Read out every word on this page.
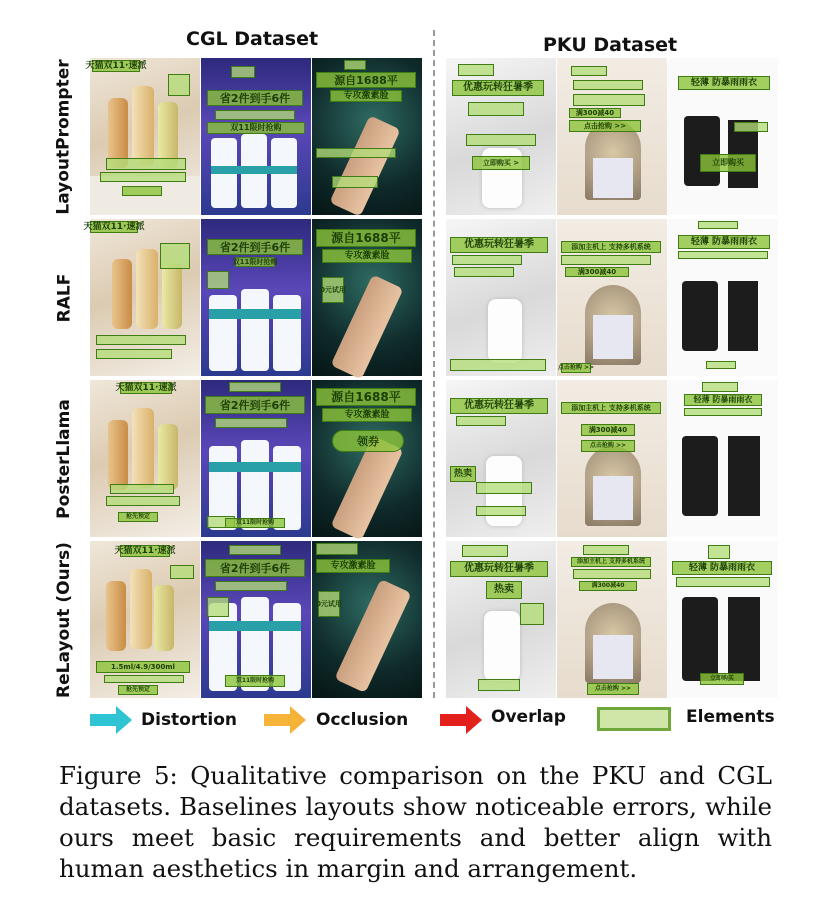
CGL Dataset	PKU Dataset
LayoutPrompter
RALF
PosterLlama
ReLayout (Ours)
天猫双11·速派
省2件到手6件
双11限时抢购
源自1688平
专攻激素脸
优惠玩转狂暑季
立即购买 >
满300减40
点击抢购 >>
轻薄 防暴雨雨衣
立即购买
天猫双11·速派
省2件到手6件
双11限时抢购
源自1688平
专攻激素脸
0元试用
优惠玩转狂暑季	添加主机上 支持多机系统
满300减40
点击抢购 >>
轻薄 防暴雨雨衣
天猫双11·速派
抢先预定
省2件到手6件
双11限时抢购
源自1688平
专攻激素脸
领券
优惠玩转狂暑季
热卖
添加主机上 支持多机系统
满300减40
点击抢购 >>
轻薄 防暴雨雨衣
天猫双11·速派
1.5ml/4.9/300ml
抢先预定
省2件到手6件
双11限时抢购
专攻激素脸
0元试用
优惠玩转狂暑季
热卖
添加主机上 支持多机系统
满300减40
点击抢购 >>
轻薄 防暴雨雨衣
立即购买
Distortion	Occlusion	Overlap	Elements
Figure 5: Qualitative comparison on the PKU and CGL datasets. Baselines layouts show noticeable errors, while ours meet basic requirements and better align with human aesthetics in margin and arrangement.
